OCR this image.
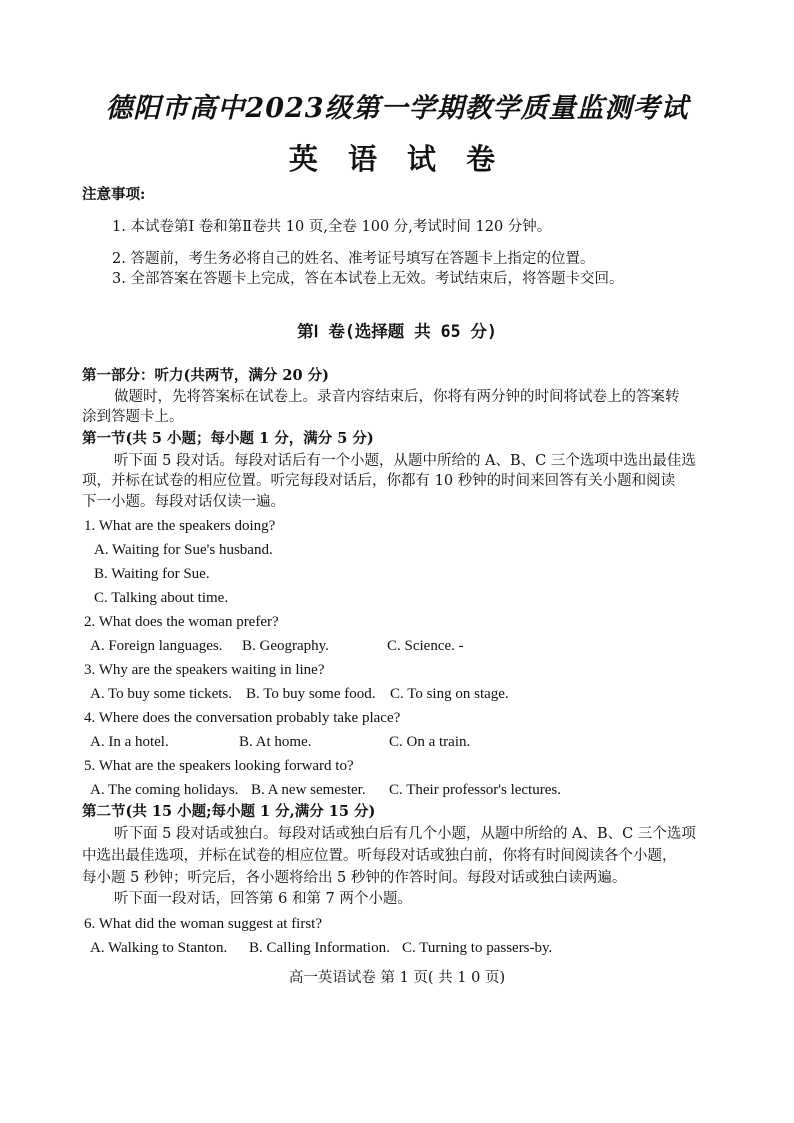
德阳市高中2023级第一学期教学质量监测考试
英 语 试 卷
注意事项:
1. 本试卷第Ⅰ 卷和第Ⅱ卷共 10 页,全卷 100 分,考试时间 120 分钟。
2. 答题前，考生务必将自己的姓名、准考证号填写在答题卡上指定的位置。
3. 全部答案在答题卡上完成，答在本试卷上无效。考试结束后，将答题卡交回。
第Ⅰ 卷(选择题 共 65 分)
第一部分：听力(共两节，满分 20 分)
做题时，先将答案标在试卷上。录音内容结束后，你将有两分钟的时间将试卷上的答案转
涂到答题卡上。
第一节(共 5 小题；每小题 1 分，满分 5 分)
听下面 5 段对话。每段对话后有一个小题，从题中所给的 A、B、C 三个选项中选出最佳选
项，并标在试卷的相应位置。听完每段对话后，你都有 10 秒钟的时间来回答有关小题和阅读
下一小题。每段对话仅读一遍。
1. What are the speakers doing?
A. Waiting for Sue's husband.
B. Waiting for Sue.
C. Talking about time.
2. What does the woman prefer?
A. Foreign languages. B. Geography.	C. Science. -
3. Why are the speakers waiting in line?
A. To buy some tickets. B. To buy some food. C. To sing on stage.
4. Where does the conversation probably take place?
A. In a hotel.	B. At home.	C. On a train.
5. What are the speakers looking forward to?
A. The coming holidays. B. A new semester. C. Their professor's lectures.
第二节(共 15 小题;每小题 1 分,满分 15 分)
听下面 5 段对话或独白。每段对话或独白后有几个小题，从题中所给的 A、B、C 三个选项
中选出最佳选项，并标在试卷的相应位置。听每段对话或独白前，你将有时间阅读各个小题，
每小题 5 秒钟；听完后，各小题将给出 5 秒钟的作答时间。每段对话或独白读两遍。
听下面一段对话，回答第 6 和第 7 两个小题。
6. What did the woman suggest at first?
A. Walking to Stanton. B. Calling Information. C. Turning to passers-by.
高一英语试卷 第 1 页( 共 1 0 页)
